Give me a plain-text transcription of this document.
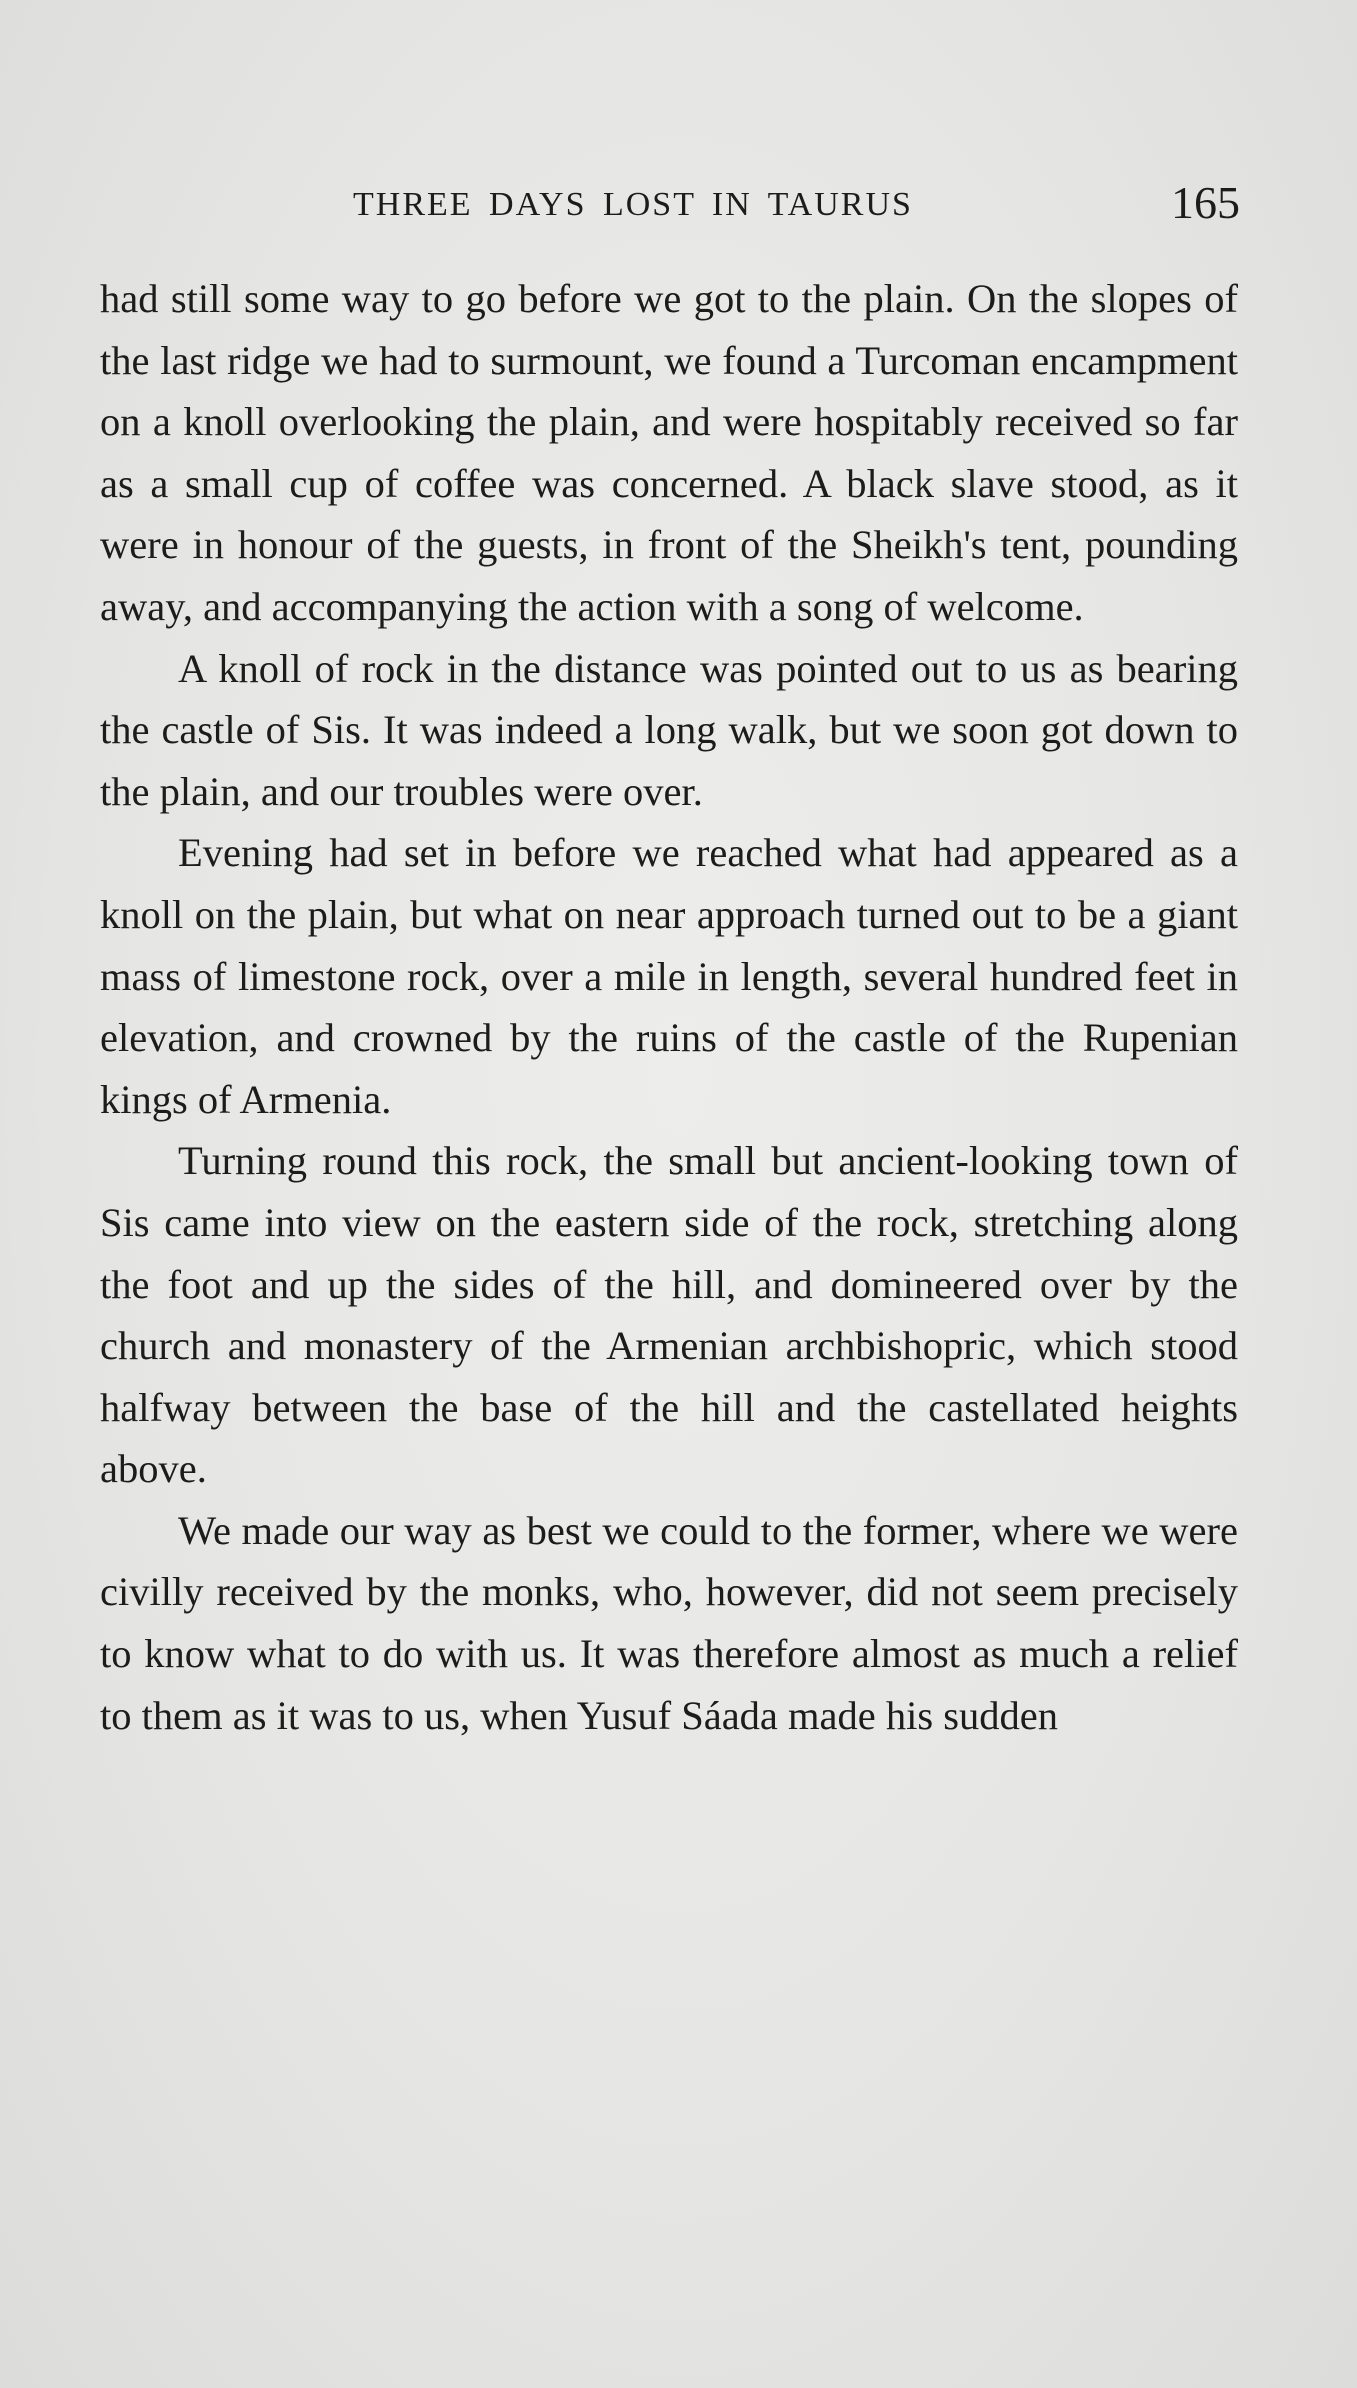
THREE DAYS LOST IN TAURUS	165

had still some way to go before we got to the plain. On the slopes of the last ridge we had to surmount, we found a Turcoman encampment on a knoll overlooking the plain, and were hospitably received so far as a small cup of coffee was concerned. A black slave stood, as it were in honour of the guests, in front of the Sheikh's tent, pounding away, and accompanying the action with a song of welcome.

A knoll of rock in the distance was pointed out to us as bearing the castle of Sis. It was indeed a long walk, but we soon got down to the plain, and our troubles were over.

Evening had set in before we reached what had appeared as a knoll on the plain, but what on near approach turned out to be a giant mass of limestone rock, over a mile in length, several hundred feet in elevation, and crowned by the ruins of the castle of the Rupenian kings of Armenia.

Turning round this rock, the small but ancient-looking town of Sis came into view on the eastern side of the rock, stretching along the foot and up the sides of the hill, and domineered over by the church and monastery of the Armenian archbishopric, which stood halfway between the base of the hill and the castellated heights above.

We made our way as best we could to the former, where we were civilly received by the monks, who, however, did not seem precisely to know what to do with us. It was therefore almost as much a relief to them as it was to us, when Yusuf Sáada made his sudden
